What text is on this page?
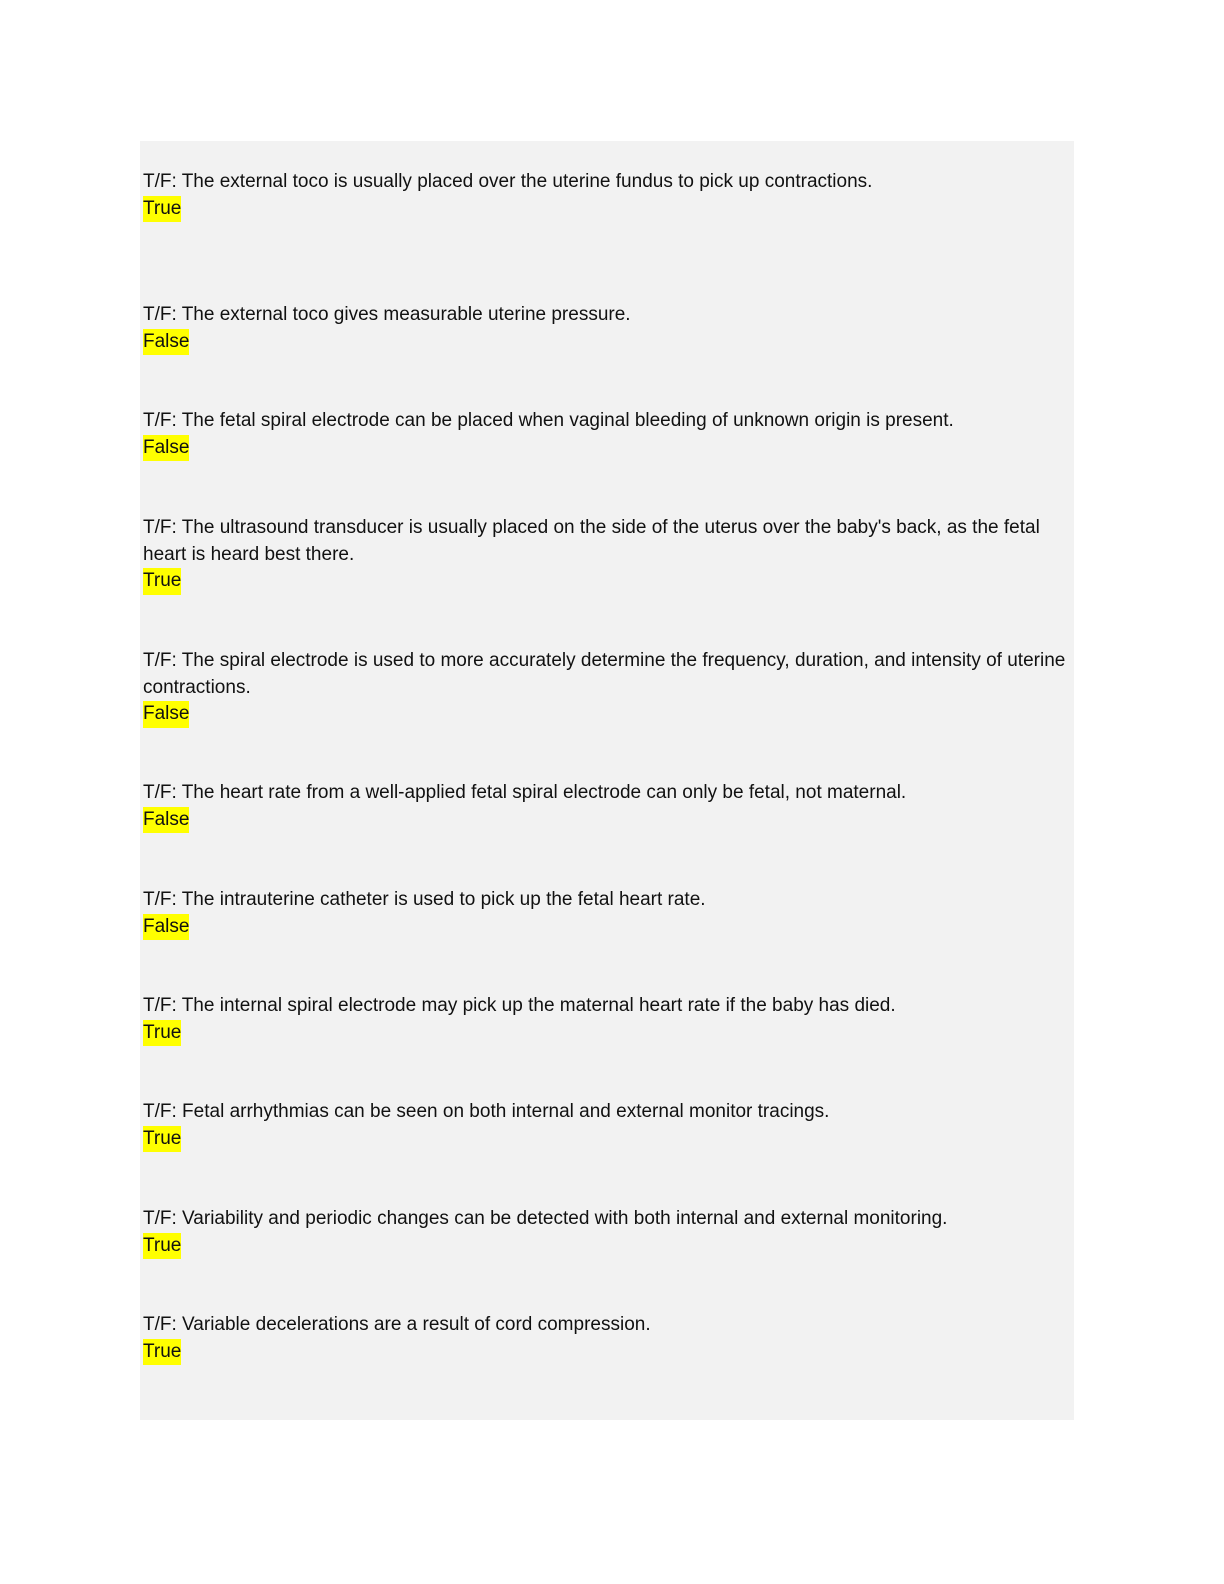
T/F: The external toco is usually placed over the uterine fundus to pick up contractions.
True
T/F: The external toco gives measurable uterine pressure.
False
T/F: The fetal spiral electrode can be placed when vaginal bleeding of unknown origin is present.
False
T/F: The ultrasound transducer is usually placed on the side of the uterus over the baby's back, as the fetal heart is heard best there.
True
T/F: The spiral electrode is used to more accurately determine the frequency, duration, and intensity of uterine contractions.
False
T/F: The heart rate from a well-applied fetal spiral electrode can only be fetal, not maternal.
False
T/F: The intrauterine catheter is used to pick up the fetal heart rate.
False
T/F: The internal spiral electrode may pick up the maternal heart rate if the baby has died.
True
T/F: Fetal arrhythmias can be seen on both internal and external monitor tracings.
True
T/F: Variability and periodic changes can be detected with both internal and external monitoring.
True
T/F: Variable decelerations are a result of cord compression.
True
